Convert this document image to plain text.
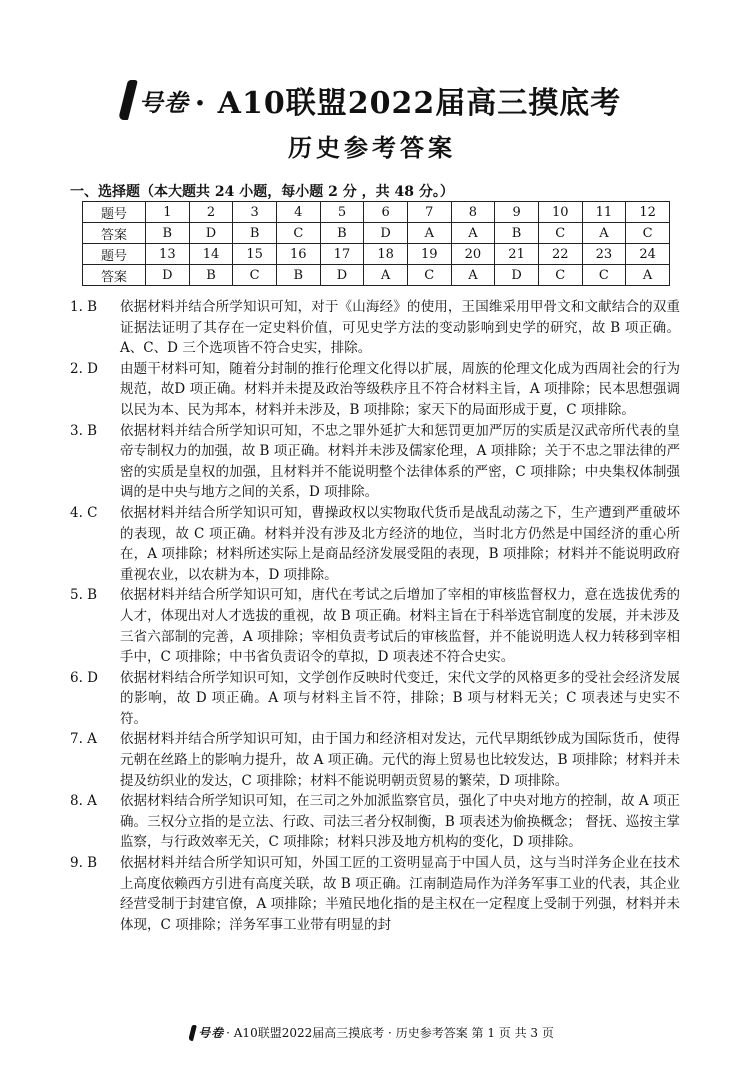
号卷 · A10联盟2022届高三摸底考
历史参考答案
一、选择题（本大题共 24 小题，每小题 2 分 ，共 48 分。）
题号	1	2	3	4	5	6	7	8	9	10	11	12
答案	B	D	B	C	B	D	A	A	B	C	A	C
题号	13	14	15	16	17	18	19	20	21	22	23	24
答案	D	B	C	B	D	A	C	A	D	C	C	A
1. B	依据材料并结合所学知识可知，对于《山海经》的使用，王国维采用甲骨文和文献结合的双重证据法证明了其存在一定史料价值，可见史学方法的变动影响到史学的研究，故 B 项正确。A、C、D 三个选项皆不符合史实，排除。
2. D	由题干材料可知，随着分封制的推行伦理文化得以扩展，周族的伦理文化成为西周社会的行为规范，故D 项正确。材料并未提及政治等级秩序且不符合材料主旨，A 项排除；民本思想强调以民为本、民为邦本，材料并未涉及，B 项排除；家天下的局面形成于夏，C 项排除。
3. B	依据材料并结合所学知识可知，不忠之罪外延扩大和惩罚更加严厉的实质是汉武帝所代表的皇帝专制权力的加强，故 B 项正确。材料并未涉及儒家伦理，A 项排除；关于不忠之罪法律的严密的实质是皇权的加强，且材料并不能说明整个法律体系的严密，C 项排除；中央集权体制强调的是中央与地方之间的关系，D 项排除。
4. C	依据材料并结合所学知识可知，曹操政权以实物取代货币是战乱动荡之下，生产遭到严重破坏的表现，故 C 项正确。材料并没有涉及北方经济的地位，当时北方仍然是中国经济的重心所在，A 项排除；材料所述实际上是商品经济发展受阻的表现，B 项排除；材料并不能说明政府重视农业，以农耕为本，D 项排除。
5. B	依据材料并结合所学知识可知，唐代在考试之后增加了宰相的审核监督权力，意在选拔优秀的人才，体现出对人才选拔的重视，故 B 项正确。材料主旨在于科举选官制度的发展，并未涉及三省六部制的完善，A 项排除；宰相负责考试后的审核监督，并不能说明选人权力转移到宰相手中，C 项排除；中书省负责诏令的草拟，D 项表述不符合史实。
6. D	依据材料结合所学知识可知，文学创作反映时代变迁，宋代文学的风格更多的受社会经济发展的影响，故 D 项正确。A 项与材料主旨不符，排除；B 项与材料无关；C 项表述与史实不符。
7. A	依据材料并结合所学知识可知，由于国力和经济相对发达，元代早期纸钞成为国际货币，使得元朝在丝路上的影响力提升，故 A 项正确。元代的海上贸易也比较发达，B 项排除；材料并未提及纺织业的发达，C 项排除；材料不能说明朝贡贸易的繁荣，D 项排除。
8. A	依据材料结合所学知识可知，在三司之外加派监察官员，强化了中央对地方的控制，故 A 项正确。三权分立指的是立法、行政、司法三者分权制衡，B 项表述为偷换概念； 督抚、巡按主掌监察，与行政效率无关，C 项排除；材料只涉及地方机构的变化，D 项排除。
9. B	依据材料并结合所学知识可知，外国工匠的工资明显高于中国人员，这与当时洋务企业在技术上高度依赖西方引进有高度关联，故 B 项正确。江南制造局作为洋务军事工业的代表，其企业经营受制于封建官僚，A 项排除；半殖民地化指的是主权在一定程度上受制于列强，材料并未体现，C 项排除；洋务军事工业带有明显的封
号卷 · A10联盟2022届高三摸底考 · 历史参考答案 第 1 页 共 3 页
